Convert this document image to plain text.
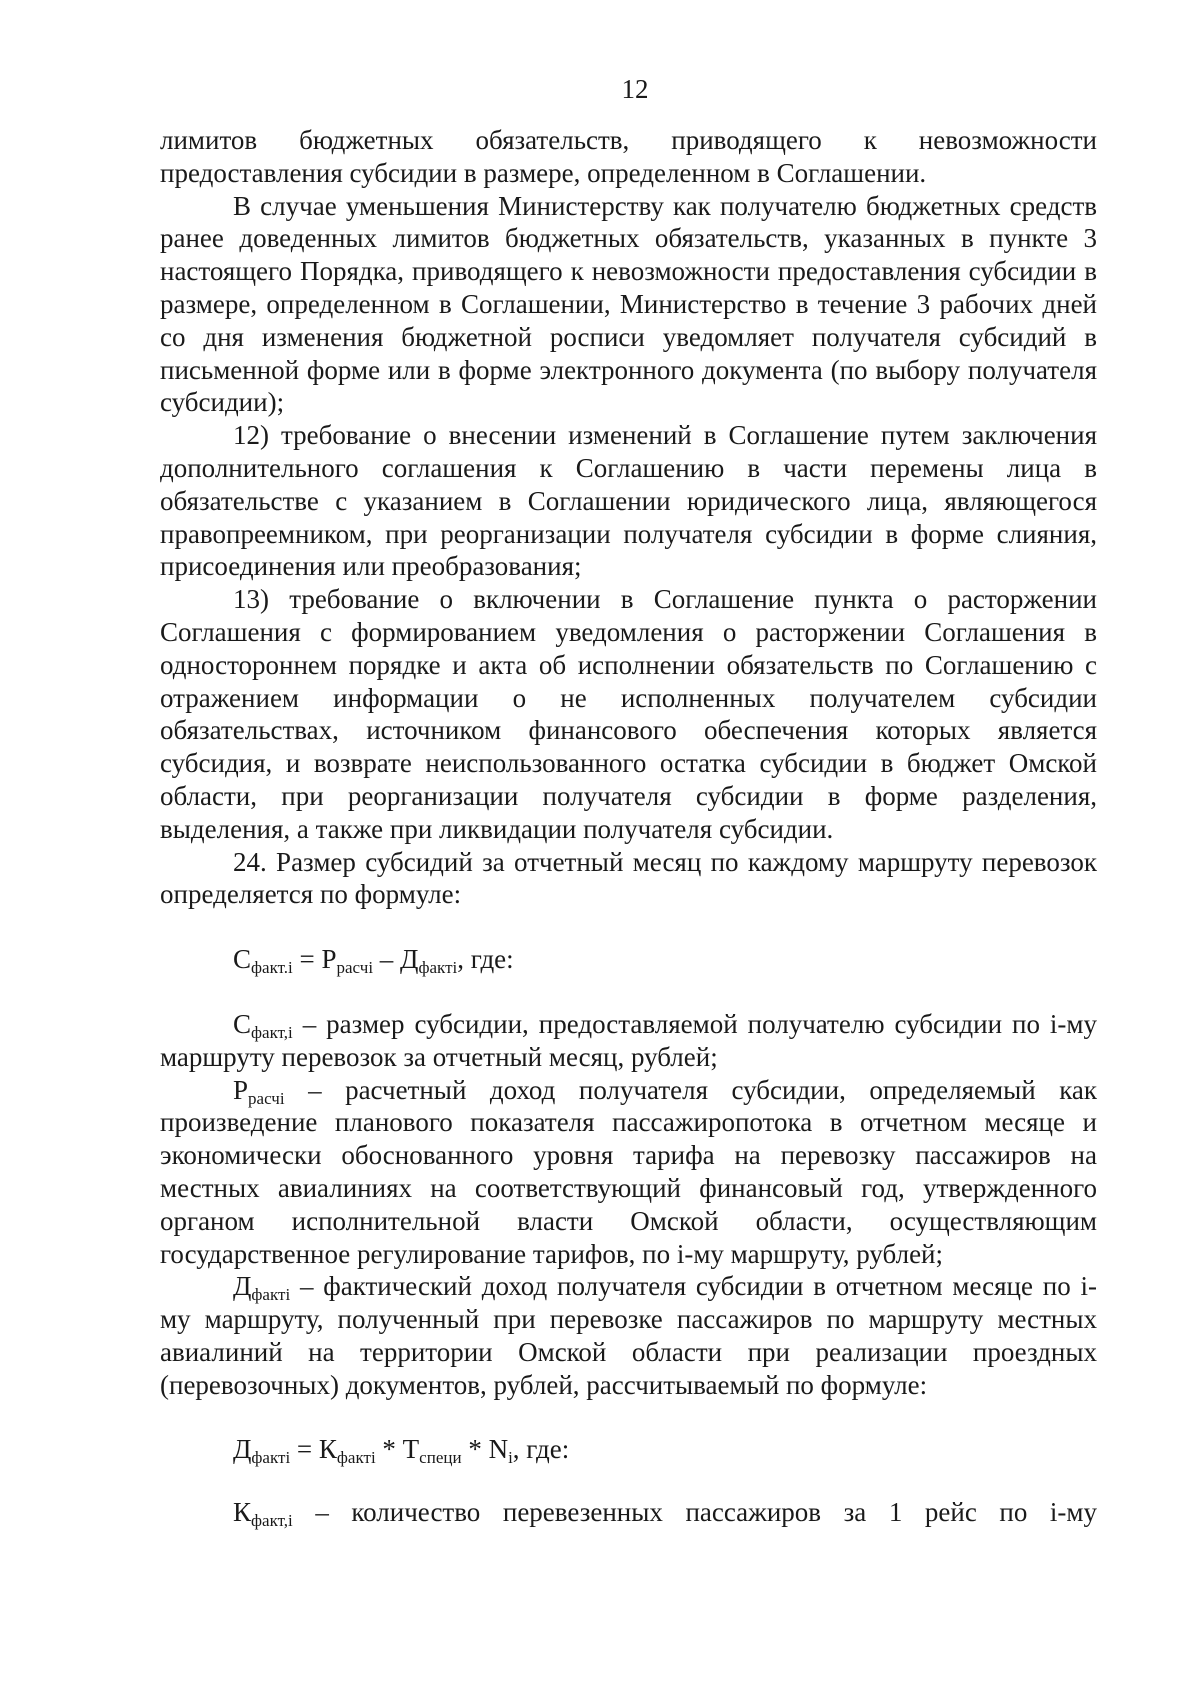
12

лимитов бюджетных обязательств, приводящего к невозможности предоставления субсидии в размере, определенном в Соглашении.

В случае уменьшения Министерству как получателю бюджетных средств ранее доведенных лимитов бюджетных обязательств, указанных в пункте 3 настоящего Порядка, приводящего к невозможности предоставления субсидии в размере, определенном в Соглашении, Министерство в течение 3 рабочих дней со дня изменения бюджетной росписи уведомляет получателя субсидий в письменной форме или в форме электронного документа (по выбору получателя субсидии);

12) требование о внесении изменений в Соглашение путем заключения дополнительного соглашения к Соглашению в части перемены лица в обязательстве с указанием в Соглашении юридического лица, являющегося правопреемником, при реорганизации получателя субсидии в форме слияния, присоединения или преобразования;

13) требование о включении в Соглашение пункта о расторжении Соглашения с формированием уведомления о расторжении Соглашения в одностороннем порядке и акта об исполнении обязательств по Соглашению с отражением информации о не исполненных получателем субсидии обязательствах, источником финансового обеспечения которых является субсидия, и возврате неиспользованного остатка субсидии в бюджет Омской области, при реорганизации получателя субсидии в форме разделения, выделения, а также при ликвидации получателя субсидии.

24. Размер субсидий за отчетный месяц по каждому маршруту перевозок определяется по формуле:

$С_{факт.i} = Р_{расчi} - Д_{фактi}$, где:

$С_{факт,i}$ – размер субсидии, предоставляемой получателю субсидии по i-му маршруту перевозок за отчетный месяц, рублей;

$Р_{расчi}$ – расчетный доход получателя субсидии, определяемый как произведение планового показателя пассажиропотока в отчетном месяце и экономически обоснованного уровня тарифа на перевозку пассажиров на местных авиалиниях на соответствующий финансовый год, утвержденного органом исполнительной власти Омской области, осуществляющим государственное регулирование тарифов, по i-му маршруту, рублей;

$Д_{фактi}$ – фактический доход получателя субсидии в отчетном месяце по i-му маршруту, полученный при перевозке пассажиров по маршруту местных авиалиний на территории Омской области при реализации проездных (перевозочных) документов, рублей, рассчитываемый по формуле:

$Д_{фактi} = К_{фактi} * Т_{специ} * N_i$, где:

$К_{факт,i}$ – количество перевезенных пассажиров за 1 рейс по i-му
